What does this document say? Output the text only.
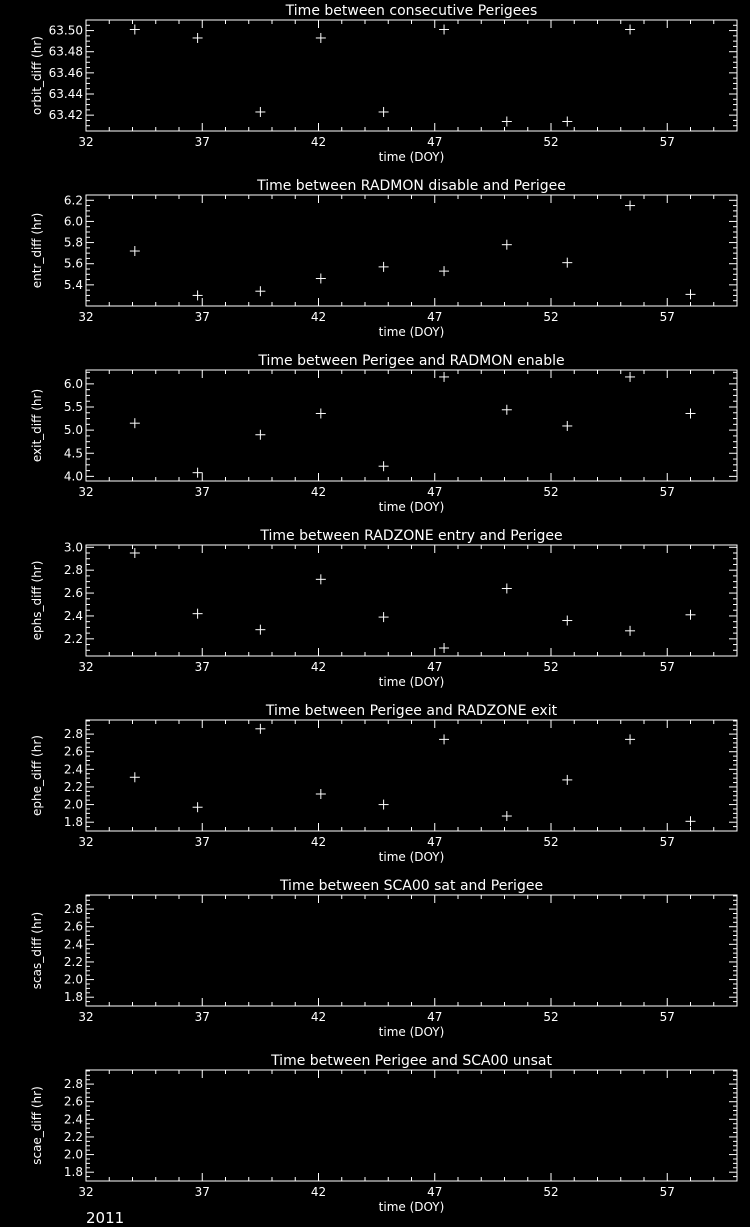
Time between consecutive Perigees
32	37	42	47	52	57
time (DOY)
63.42
63.44
63.46
63.48
63.50
orbit_diff (hr)
Time between RADMON disable and Perigee
32	37	42	47	52	57
time (DOY)
5.4
5.6
5.8
6.0
6.2
entr_diff (hr)
Time between Perigee and RADMON enable
32	37	42	47	52	57
time (DOY)
4.0
4.5
5.0
5.5
6.0
exit_diff (hr)
Time between RADZONE entry and Perigee
32	37	42	47	52	57
time (DOY)
2.2
2.4
2.6
2.8
3.0
ephs_diff (hr)
Time between Perigee and RADZONE exit
32	37	42	47	52	57
time (DOY)
1.8
2.0
2.2
2.4
2.6
2.8
ephe_diff (hr)
Time between SCA00 sat and Perigee
32	37	42	47	52	57
time (DOY)
1.8
2.0
2.2
2.4
2.6
2.8
scas_diff (hr)
Time between Perigee and SCA00 unsat
32	37	42	47	52	57
time (DOY)
1.8
2.0
2.2
2.4
2.6
2.8
scae_diff (hr)
2011
